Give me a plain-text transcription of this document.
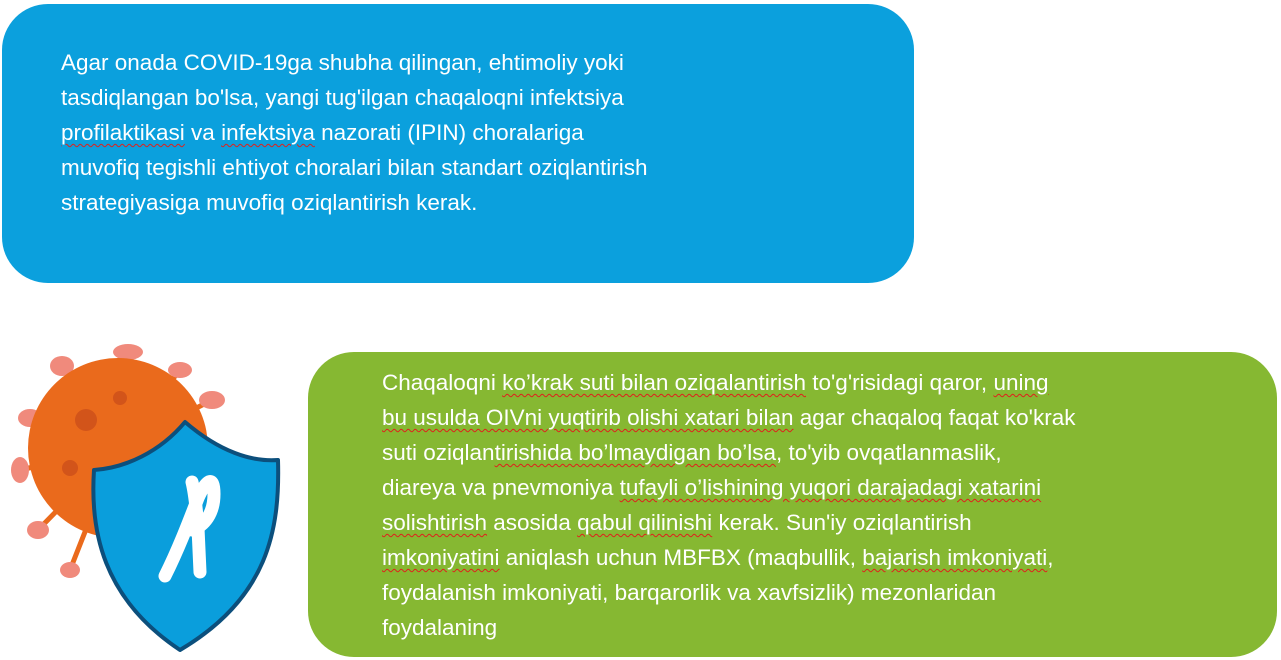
Agar onada COVID-19ga shubha qilingan, ehtimoliy yoki
tasdiqlangan bo'lsa, yangi tug'ilgan chaqaloqni infektsiya
profilaktikasi va infektsiya nazorati (IPIN) choralariga
muvofiq tegishli ehtiyot choralari bilan standart oziqlantirish
strategiyasiga muvofiq oziqlantirish kerak.
Chaqaloqni ko’krak suti bilan oziqalantirish to'g'risidagi qaror, uning
bu usulda OIVni yuqtirib olishi xatari bilan agar chaqaloq faqat ko'krak
suti oziqlantirishida bo’lmaydigan bo’lsa, to'yib ovqatlanmaslik,
diareya va pnevmoniya tufayli o’lishining yuqori darajadagi xatarini
solishtirish asosida qabul qilinishi kerak. Sun'iy oziqlantirish
imkoniyatini aniqlash uchun MBFBX (maqbullik, bajarish imkoniyati,
foydalanish imkoniyati, barqarorlik va xavfsizlik) mezonlaridan
foydalaning
